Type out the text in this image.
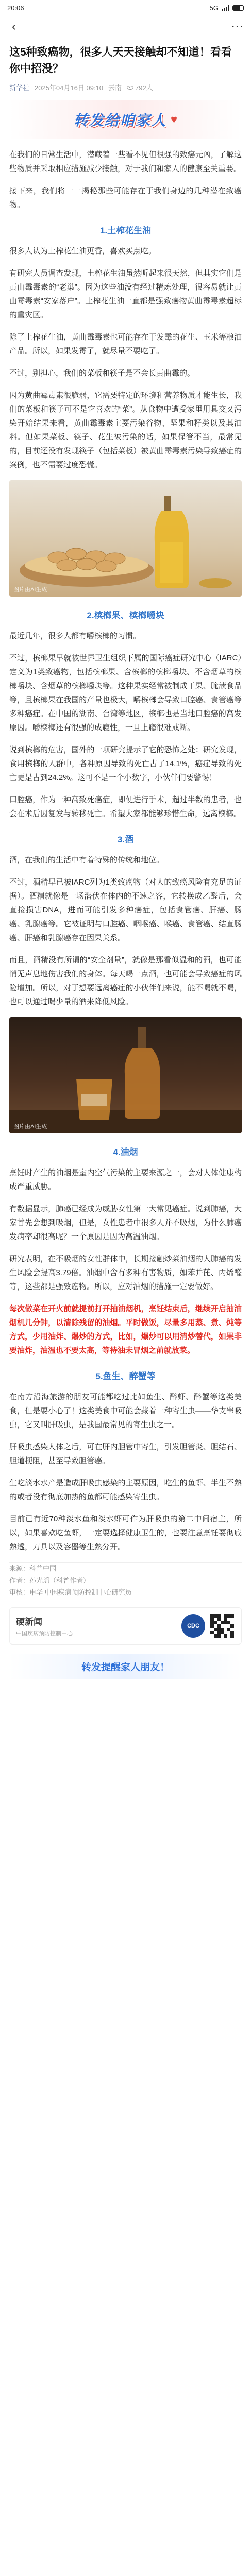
20:06	5G
‹	⋯
这5种致癌物，很多人天天接触却不知道！看看你中招没？
新华社 2025年04月16日 09:10 云南 792人
转发给咱家人 ♥

在我们的日常生活中，潜藏着一些看不见但很强的致癌元凶，了解这些物质并采取相应措施减少接触，对于我们和家人的健康至关重要。

接下来，我们将一一揭秘那些可能存在于我们身边的几种潜在致癌物。

1.土榨花生油

很多人认为土榨花生油更香，喜欢买点吃。

有研究人员调查发现，土榨花生油虽然听起来很天然，但其实它们是黄曲霉毒素的“老巢”。因为这些油没有经过精炼处理，很容易就让黄曲霉毒素“安家落户”。土榨花生油一直都是强致癌物黄曲霉毒素超标的重灾区。

除了土榨花生油，黄曲霉毒素也可能存在于发霉的花生、玉米等粮油产品。所以，如果发霉了，就尽量不要吃了。

不过，别担心，我们的菜板和筷子是不会长黄曲霉的。

因为黄曲霉毒素很脆弱，它需要特定的环境和营养物质才能生长，我们的菜板和筷子可不是它喜欢的“菜”。从食物中遭受家里用具交叉污染开始结果来看，黄曲霉毒素主要污染谷物、坚果和籽类以及其油料。但如果菜板、筷子、花生被污染的话，如果保管不当，最常见的，目前还没有发现筷子（包括菜板）被黄曲霉毒素污染导致癌症的案例，也不需要过度恐慌。

图片由AI生成
2.槟榔果、槟榔嚼块

最近几年，很多人都有嚼槟榔的习惯。

不过，槟榔果早就被世界卫生组织下属的国际癌症研究中心（IARC）定义为1类致癌物，包括槟榔果、含槟榔的槟榔嚼块、不含烟草的槟榔嚼块、含烟草的槟榔嚼块等。这种果实经常被制成干果、腌渍食品等，且槟榔果在我国的产量也极大，嚼槟榔会导致口腔癌、食管癌等多种癌症。在中国的湖南、台湾等地区，槟榔也是当地口腔癌的高发原因。嚼槟榔还有很强的成瘾性，一旦上瘾很难戒断。

说到槟榔的危害，国外的一项研究提示了它的恐怖之处：研究发现，食用槟榔的人群中，各种原因导致的死亡占了14.1%，癌症导致的死亡更是占到24.2%。这可不是一个小数字，小伙伴们要警惕！

口腔癌，作为一种高致死癌症，即便进行手术，超过半数的患者，也会在术后因复发与转移死亡。希望大家都能够珍惜生命，远离槟榔。

3.酒

酒，在我们的生活中有着特殊的传统和地位。

不过，酒精早已被IARC列为1类致癌物（对人的致癌风险有充足的证据）。酒精就像是一场潜伏在体内的不速之客，它转换成乙醛后，会直接损害DNA，进而可能引发多种癌症，包括食管癌、肝癌、肠癌、乳腺癌等。它被证明与口腔癌、咽喉癌、喉癌、食管癌、结直肠癌、肝癌和乳腺癌存在因果关系。

而且，酒精没有所谓的“安全剂量”，就像是那看似温和的酒，也可能悄无声息地伤害我们的身体。每天喝一点酒，也可能会导致癌症的风险增加。所以，对于想要远离癌症的小伙伴们来说，能不喝就不喝，也可以通过喝少量的酒来降低风险。

图片由AI生成
4.油烟

烹饪时产生的油烟是室内空气污染的主要来源之一，会对人体健康构成严重威胁。

有数据显示，肺癌已经成为威胁女性第一大常见癌症。说到肺癌，大家首先会想到吸烟，但是，女性患者中很多人并不吸烟，为什么肺癌发病率却很高呢？一个原因是因为高温油烟。

研究表明，在不吸烟的女性群体中，长期接触炒菜油烟的人肺癌的发生风险会提高3.79倍。油烟中含有多种有害物质，如苯并芘、丙烯醛等，这些都是强致癌物。所以，应对油烟的措施一定要做好。

每次做菜在开火前就提前打开抽油烟机，烹饪结束后，继续开启抽油烟机几分钟，以清除残留的油烟。平时做饭，尽量多用蒸、煮、炖等方式，少用油炸、爆炒的方式，比如，爆炒可以用清炒替代，如果非要油炸，油温也不要太高，等待油未冒烟之前就放菜。

5.鱼生、醉蟹等

在南方沿海旅游的朋友可能都吃过比如鱼生、醉虾、醉蟹等这类美食，但是要小心了！这类美食中可能会藏着一种寄生虫——华支睾吸虫，它又叫肝吸虫，是我国最常见的寄生虫之一。

肝吸虫感染人体之后，可在肝内胆管中寄生，引发胆管炎、胆结石、胆道梗阻，甚至导致胆管癌。

生吃淡水水产是造成肝吸虫感染的主要原因，吃生的鱼虾、半生不熟的或者没有彻底加热的鱼都可能感染寄生虫。

目前已有近70种淡水鱼和淡水虾可作为肝吸虫的第二中间宿主，所以，如果喜欢吃鱼虾，一定要选择健康卫生的，也要注意烹饪要彻底熟透，刀具以及容器等生熟分开。

来源：科普中国
作者：孙光瑶（科普作者）
审核：申华 中国疾病预防控制中心研究员
硬新闻
中国疾病预防控制中心
CDC
转发提醒家人朋友！
